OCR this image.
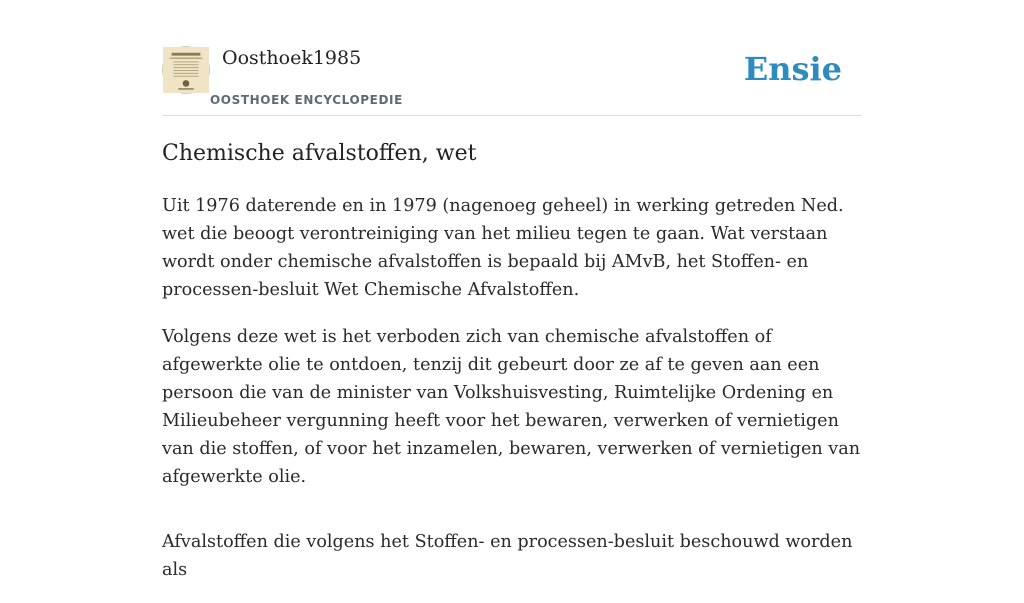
Oosthoek1985
OOSTHOEK ENCYCLOPEDIE
Ensie
Chemische afvalstoffen, wet

Uit 1976 daterende en in 1979 (nagenoeg geheel) in werking getreden Ned. wet die beoogt verontreiniging van het milieu tegen te gaan. Wat verstaan wordt onder chemische afvalstoffen is bepaald bij AMvB, het Stoffen- en processen-besluit Wet Chemische Afvalstoffen.

Volgens deze wet is het verboden zich van chemische afvalstoffen of afgewerkte olie te ontdoen, tenzij dit gebeurt door ze af te geven aan een persoon die van de minister van Volkshuisvesting, Ruimtelijke Ordening en Milieubeheer vergunning heeft voor het bewaren, verwerken of vernietigen van die stoffen, of voor het inzamelen, bewaren, verwerken of vernietigen van afgewerkte olie.

Afvalstoffen die volgens het Stoffen- en processen-besluit beschouwd worden als
